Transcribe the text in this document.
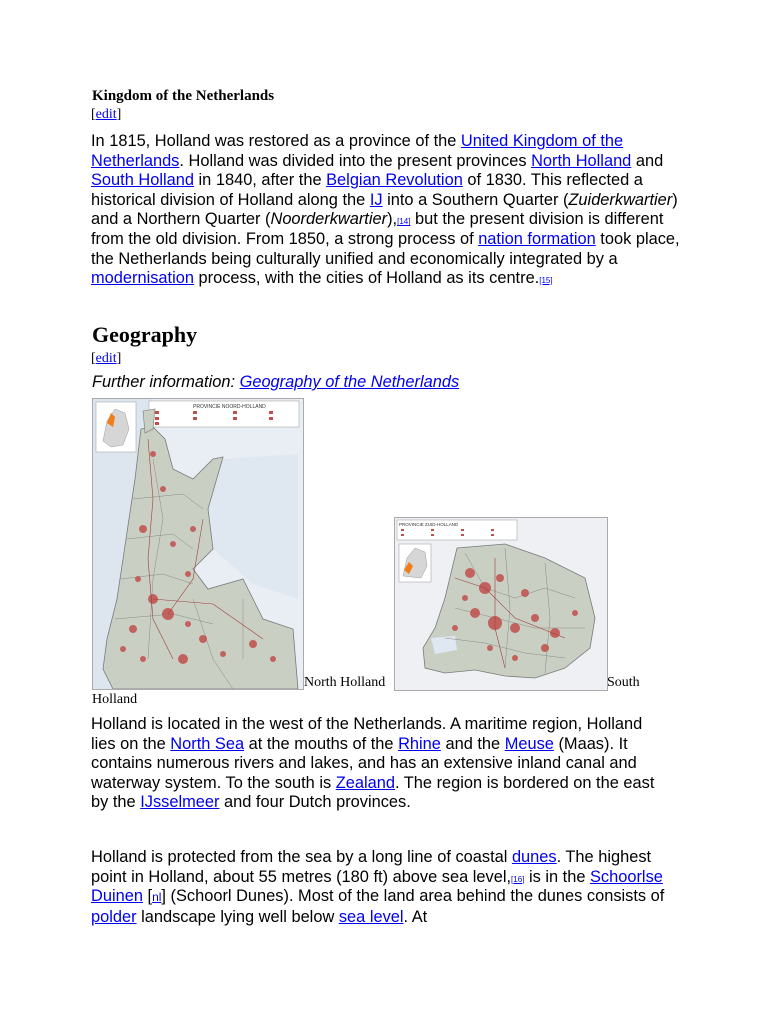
Kingdom of the Netherlands
[edit]
In 1815, Holland was restored as a province of the United Kingdom of the Netherlands. Holland was divided into the present provinces North Holland and South Holland in 1840, after the Belgian Revolution of 1830. This reflected a historical division of Holland along the IJ into a Southern Quarter (Zuiderkwartier) and a Northern Quarter (Noorderkwartier),[14] but the present division is different from the old division. From 1850, a strong process of nation formation took place, the Netherlands being culturally unified and economically integrated by a modernisation process, with the cities of Holland as its centre.[15]
Geography
[edit]
Further information: Geography of the Netherlands
PROVINCIE NOORD-HOLLAND
PROVINCIE ZUID-HOLLAND
North Holland	South
Holland
Holland is located in the west of the Netherlands. A maritime region, Holland lies on the North Sea at the mouths of the Rhine and the Meuse (Maas). It contains numerous rivers and lakes, and has an extensive inland canal and waterway system. To the south is Zealand. The region is bordered on the east by the IJsselmeer and four Dutch provinces.
Holland is protected from the sea by a long line of coastal dunes. The highest point in Holland, about 55 metres (180 ft) above sea level,[16] is in the Schoorlse Duinen [nl] (Schoorl Dunes). Most of the land area behind the dunes consists of polder landscape lying well below sea level. At
